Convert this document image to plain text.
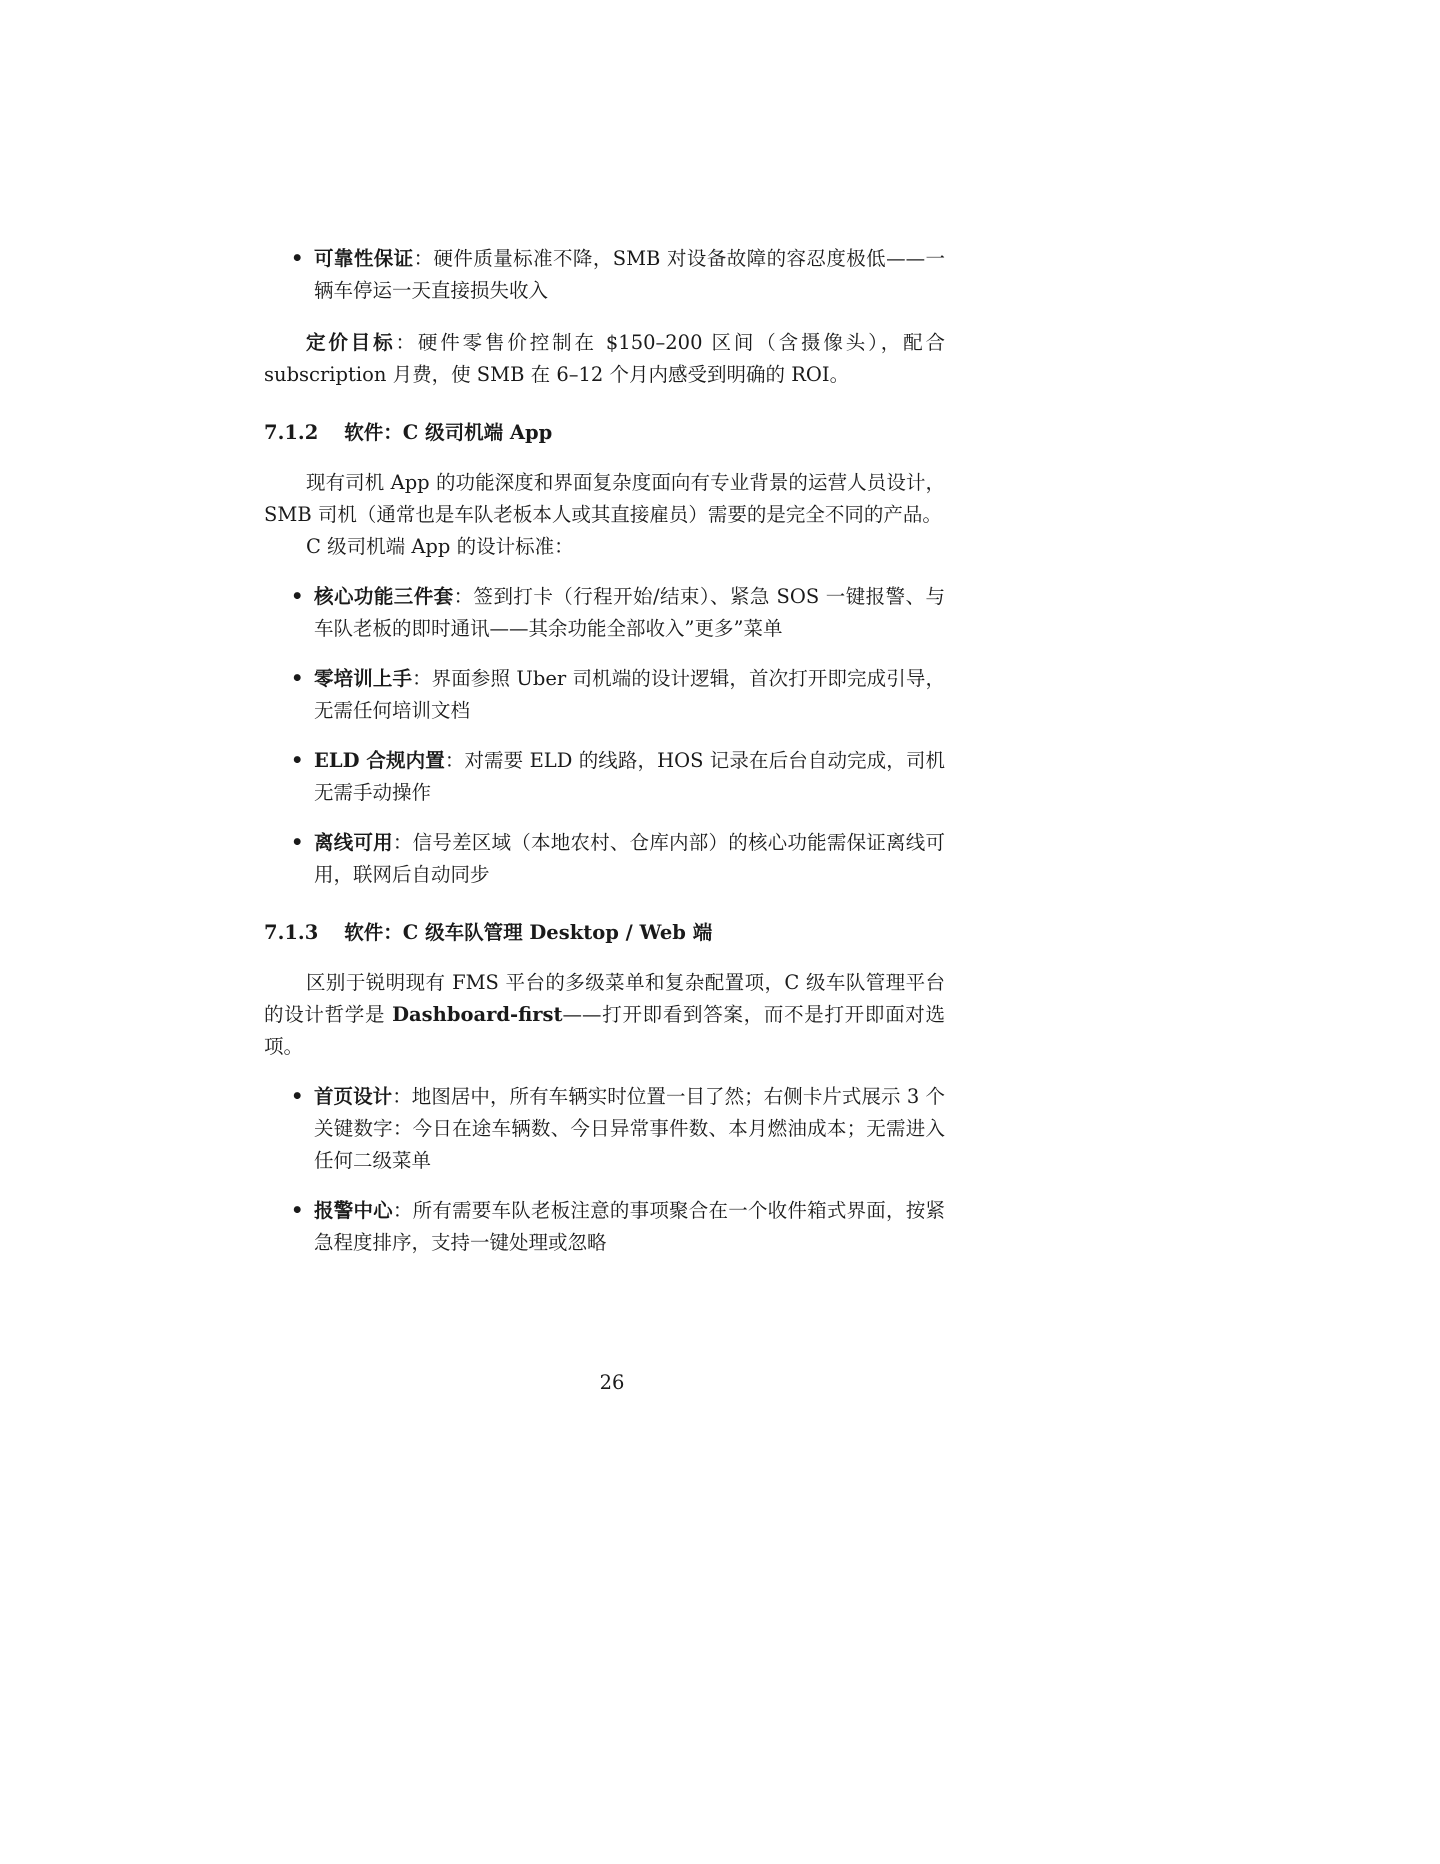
• 可靠性保证：硬件质量标准不降，SMB 对设备故障的容忍度极低——一辆车停运一天直接损失收入

定价目标：硬件零售价控制在 $150–200 区间（含摄像头），配合 subscription 月费，使 SMB 在 6–12 个月内感受到明确的 ROI。

7.1.2 软件：C 级司机端 App

现有司机 App 的功能深度和界面复杂度面向有专业背景的运营人员设计，SMB 司机（通常也是车队老板本人或其直接雇员）需要的是完全不同的产品。

C 级司机端 App 的设计标准：

• 核心功能三件套：签到打卡（行程开始/结束）、紧急 SOS 一键报警、与车队老板的即时通讯——其余功能全部收入”更多”菜单
• 零培训上手：界面参照 Uber 司机端的设计逻辑，首次打开即完成引导，无需任何培训文档
• ELD 合规内置：对需要 ELD 的线路，HOS 记录在后台自动完成，司机无需手动操作
• 离线可用：信号差区域（本地农村、仓库内部）的核心功能需保证离线可用，联网后自动同步
7.1.3 软件：C 级车队管理 Desktop / Web 端

区别于锐明现有 FMS 平台的多级菜单和复杂配置项，C 级车队管理平台的设计哲学是 Dashboard-first——打开即看到答案，而不是打开即面对选项。

• 首页设计：地图居中，所有车辆实时位置一目了然；右侧卡片式展示 3 个关键数字：今日在途车辆数、今日异常事件数、本月燃油成本；无需进入任何二级菜单
• 报警中心：所有需要车队老板注意的事项聚合在一个收件箱式界面，按紧急程度排序，支持一键处理或忽略
26
